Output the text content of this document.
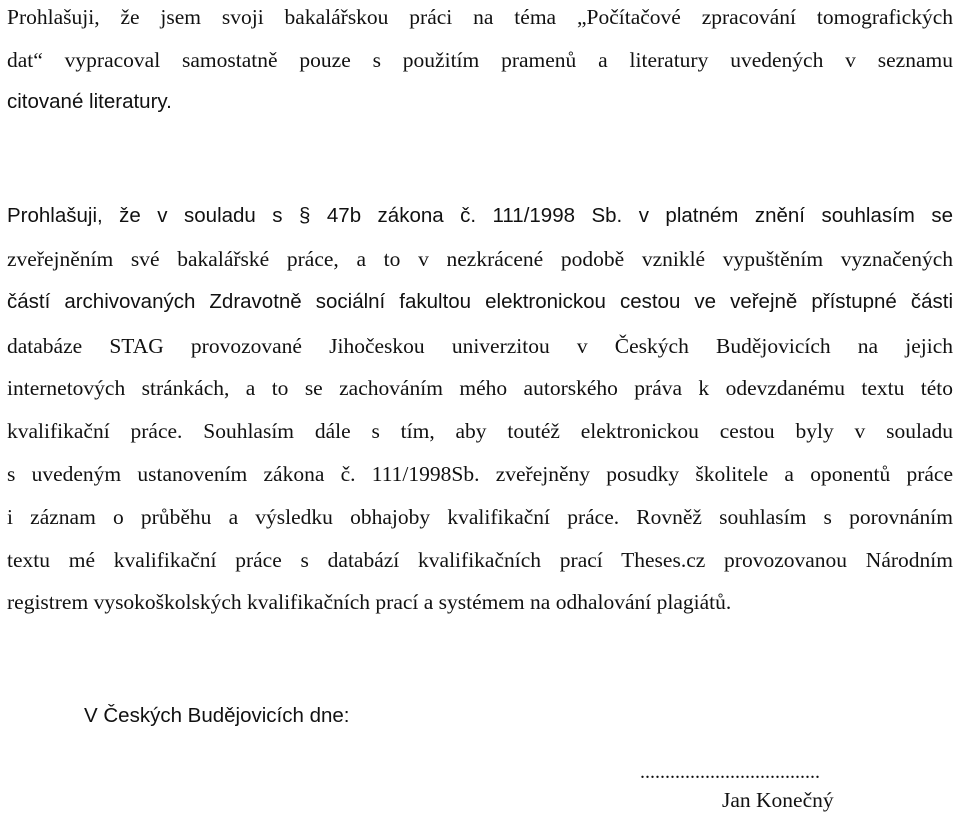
Prohlašuji, že jsem svoji bakalářskou práci na téma „Počítačové zpracování tomografických
dat“ vypracoval samostatně pouze s použitím pramenů a literatury uvedených v seznamu
citované literatury.
Prohlašuji, že v souladu s § 47b zákona č. 111/1998 Sb. v platném znění souhlasím se
zveřejněním své bakalářské práce, a to v nezkrácené podobě vzniklé vypuštěním vyznačených
částí archivovaných Zdravotně sociální fakultou elektronickou cestou ve veřejně přístupné části
databáze STAG provozované Jihočeskou univerzitou v Českých Budějovicích na jejich
internetových stránkách, a to se zachováním mého autorského práva k odevzdanému textu této
kvalifikační práce. Souhlasím dále s tím, aby toutéž elektronickou cestou byly v souladu
s uvedeným ustanovením zákona č. 111/1998Sb. zveřejněny posudky školitele a oponentů práce
i záznam o průběhu a výsledku obhajoby kvalifikační práce. Rovněž souhlasím s porovnáním
textu mé kvalifikační práce s databází kvalifikačních prací Theses.cz provozovanou Národním
registrem vysokoškolských kvalifikačních prací a systémem na odhalování plagiátů.
V Českých Budějovicích dne:
....................................
Jan Konečný
